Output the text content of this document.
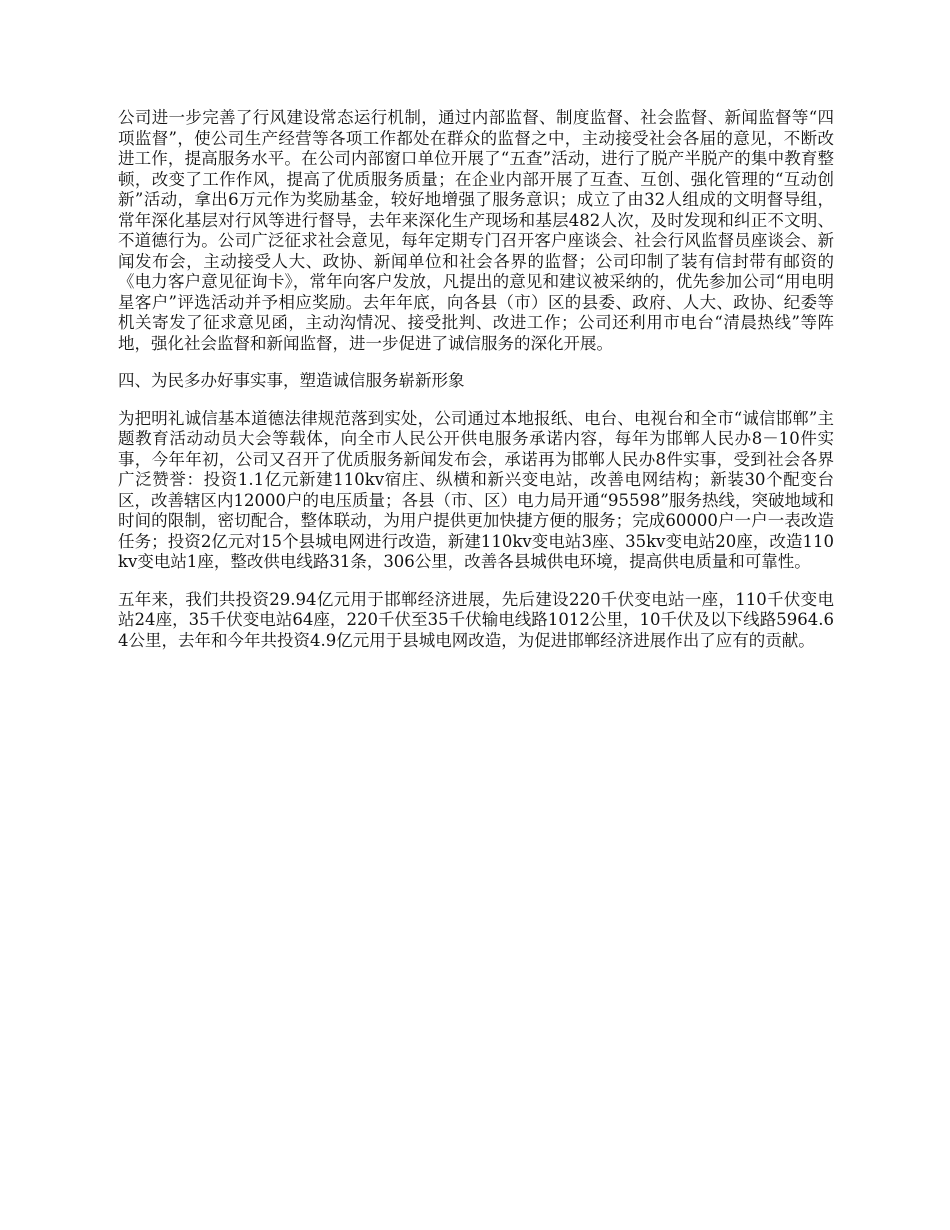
公司进一步完善了行风建设常态运行机制，通过内部监督、制度监督、社会监督、新闻监督等“四项监督”，使公司生产经营等各项工作都处在群众的监督之中，主动接受社会各届的意见，不断改进工作，提高服务水平。在公司内部窗口单位开展了“五查”活动，进行了脱产半脱产的集中教育整顿，改变了工作作风，提高了优质服务质量；在企业内部开展了互查、互创、强化管理的“互动创新”活动，拿出6万元作为奖励基金，较好地增强了服务意识；成立了由32人组成的文明督导组，常年深化基层对行风等进行督导，去年来深化生产现场和基层482人次，及时发现和纠正不文明、不道德行为。公司广泛征求社会意见，每年定期专门召开客户座谈会、社会行风监督员座谈会、新闻发布会，主动接受人大、政协、新闻单位和社会各界的监督；公司印制了装有信封带有邮资的《电力客户意见征询卡》，常年向客户发放，凡提出的意见和建议被采纳的，优先参加公司“用电明星客户”评选活动并予相应奖励。去年年底，向各县（市）区的县委、政府、人大、政协、纪委等机关寄发了征求意见函，主动沟情况、接受批判、改进工作；公司还利用市电台“清晨热线”等阵地，强化社会监督和新闻监督，进一步促进了诚信服务的深化开展。

四、为民多办好事实事，塑造诚信服务崭新形象

为把明礼诚信基本道德法律规范落到实处，公司通过本地报纸、电台、电视台和全市“诚信邯郸”主题教育活动动员大会等载体，向全市人民公开供电服务承诺内容，每年为邯郸人民办8－10件实事，今年年初，公司又召开了优质服务新闻发布会，承诺再为邯郸人民办8件实事，受到社会各界广泛赞誉：投资1.1亿元新建110kv宿庄、纵横和新兴变电站，改善电网结构；新装30个配变台区，改善辖区内12000户的电压质量；各县（市、区）电力局开通“95598”服务热线，突破地域和时间的限制，密切配合，整体联动，为用户提供更加快捷方便的服务；完成60000户一户一表改造任务；投资2亿元对15个县城电网进行改造，新建110kv变电站3座、35kv变电站20座，改造110kv变电站1座，整改供电线路31条，306公里，改善各县城供电环境，提高供电质量和可靠性。

五年来，我们共投资29.94亿元用于邯郸经济进展，先后建设220千伏变电站一座，110千伏变电站24座，35千伏变电站64座，220千伏至35千伏输电线路1012公里，10千伏及以下线路5964.64公里，去年和今年共投资4.9亿元用于县城电网改造，为促进邯郸经济进展作出了应有的贡献。
